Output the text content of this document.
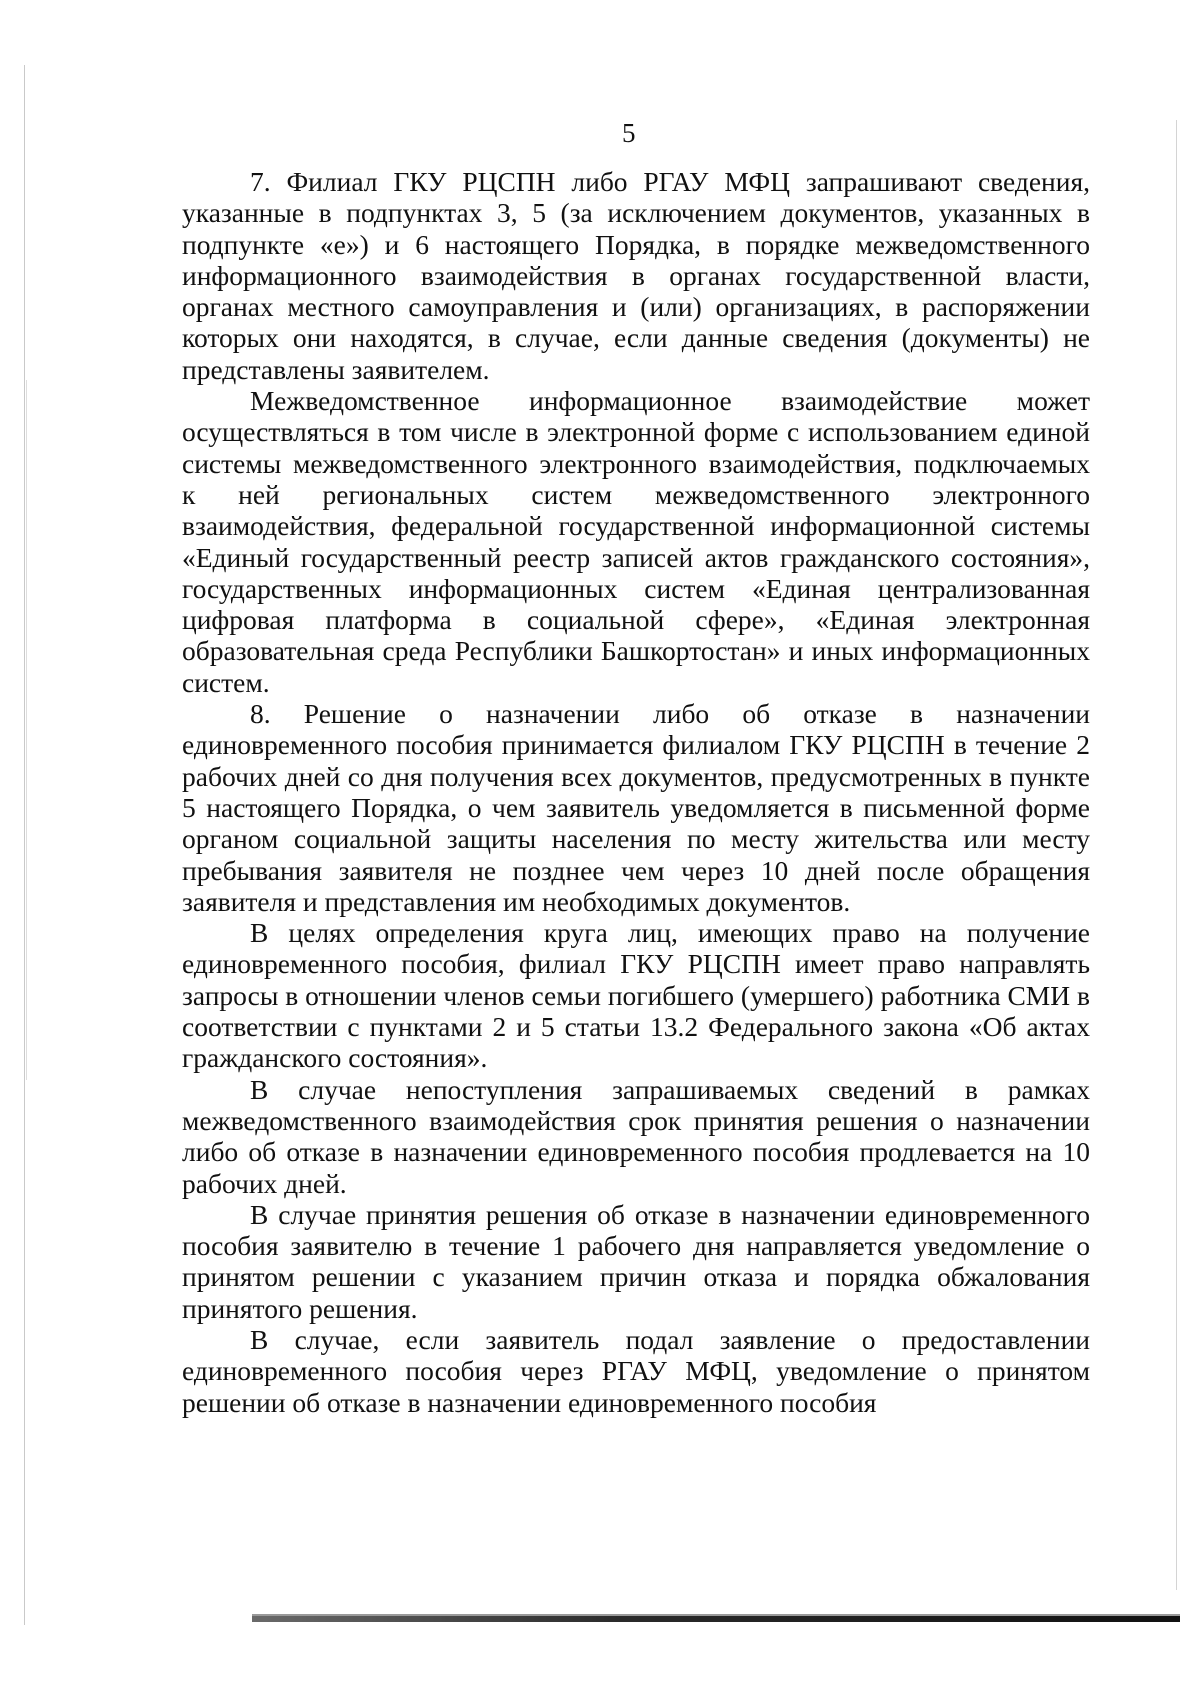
5

7. Филиал ГКУ РЦСПН либо РГАУ МФЦ запрашивают сведения, указанные в подпунктах 3, 5 (за исключением документов, указанных в подпункте «е») и 6 настоящего Порядка, в порядке межведомственного информационного взаимодействия в органах государственной власти, органах местного самоуправления и (или) организациях, в распоряжении которых они находятся, в случае, если данные сведения (документы) не представлены заявителем.

Межведомственное информационное взаимодействие может осуществляться в том числе в электронной форме с использованием единой системы межведомственного электронного взаимодействия, подключаемых к ней региональных систем межведомственного электронного взаимодействия, федеральной государственной информационной системы «Единый государственный реестр записей актов гражданского состояния», государственных информационных систем «Единая централизованная цифровая платформа в социальной сфере», «Единая электронная образовательная среда Республики Башкортостан» и иных информационных систем.

8. Решение о назначении либо об отказе в назначении единовременного пособия принимается филиалом ГКУ РЦСПН в течение 2 рабочих дней со дня получения всех документов, предусмотренных в пункте 5 настоящего Порядка, о чем заявитель уведомляется в письменной форме органом социальной защиты населения по месту жительства или месту пребывания заявителя не позднее чем через 10 дней после обращения заявителя и представления им необходимых документов.

В целях определения круга лиц, имеющих право на получение единовременного пособия, филиал ГКУ РЦСПН имеет право направлять запросы в отношении членов семьи погибшего (умершего) работника СМИ в соответствии с пунктами 2 и 5 статьи 13.2 Федерального закона «Об актах гражданского состояния».

В случае непоступления запрашиваемых сведений в рамках межведомственного взаимодействия срок принятия решения о назначении либо об отказе в назначении единовременного пособия продлевается на 10 рабочих дней.

В случае принятия решения об отказе в назначении единовременного пособия заявителю в течение 1 рабочего дня направляется уведомление о принятом решении с указанием причин отказа и порядка обжалования принятого решения.

В случае, если заявитель подал заявление о предоставлении единовременного пособия через РГАУ МФЦ, уведомление о принятом решении об отказе в назначении единовременного пособия
